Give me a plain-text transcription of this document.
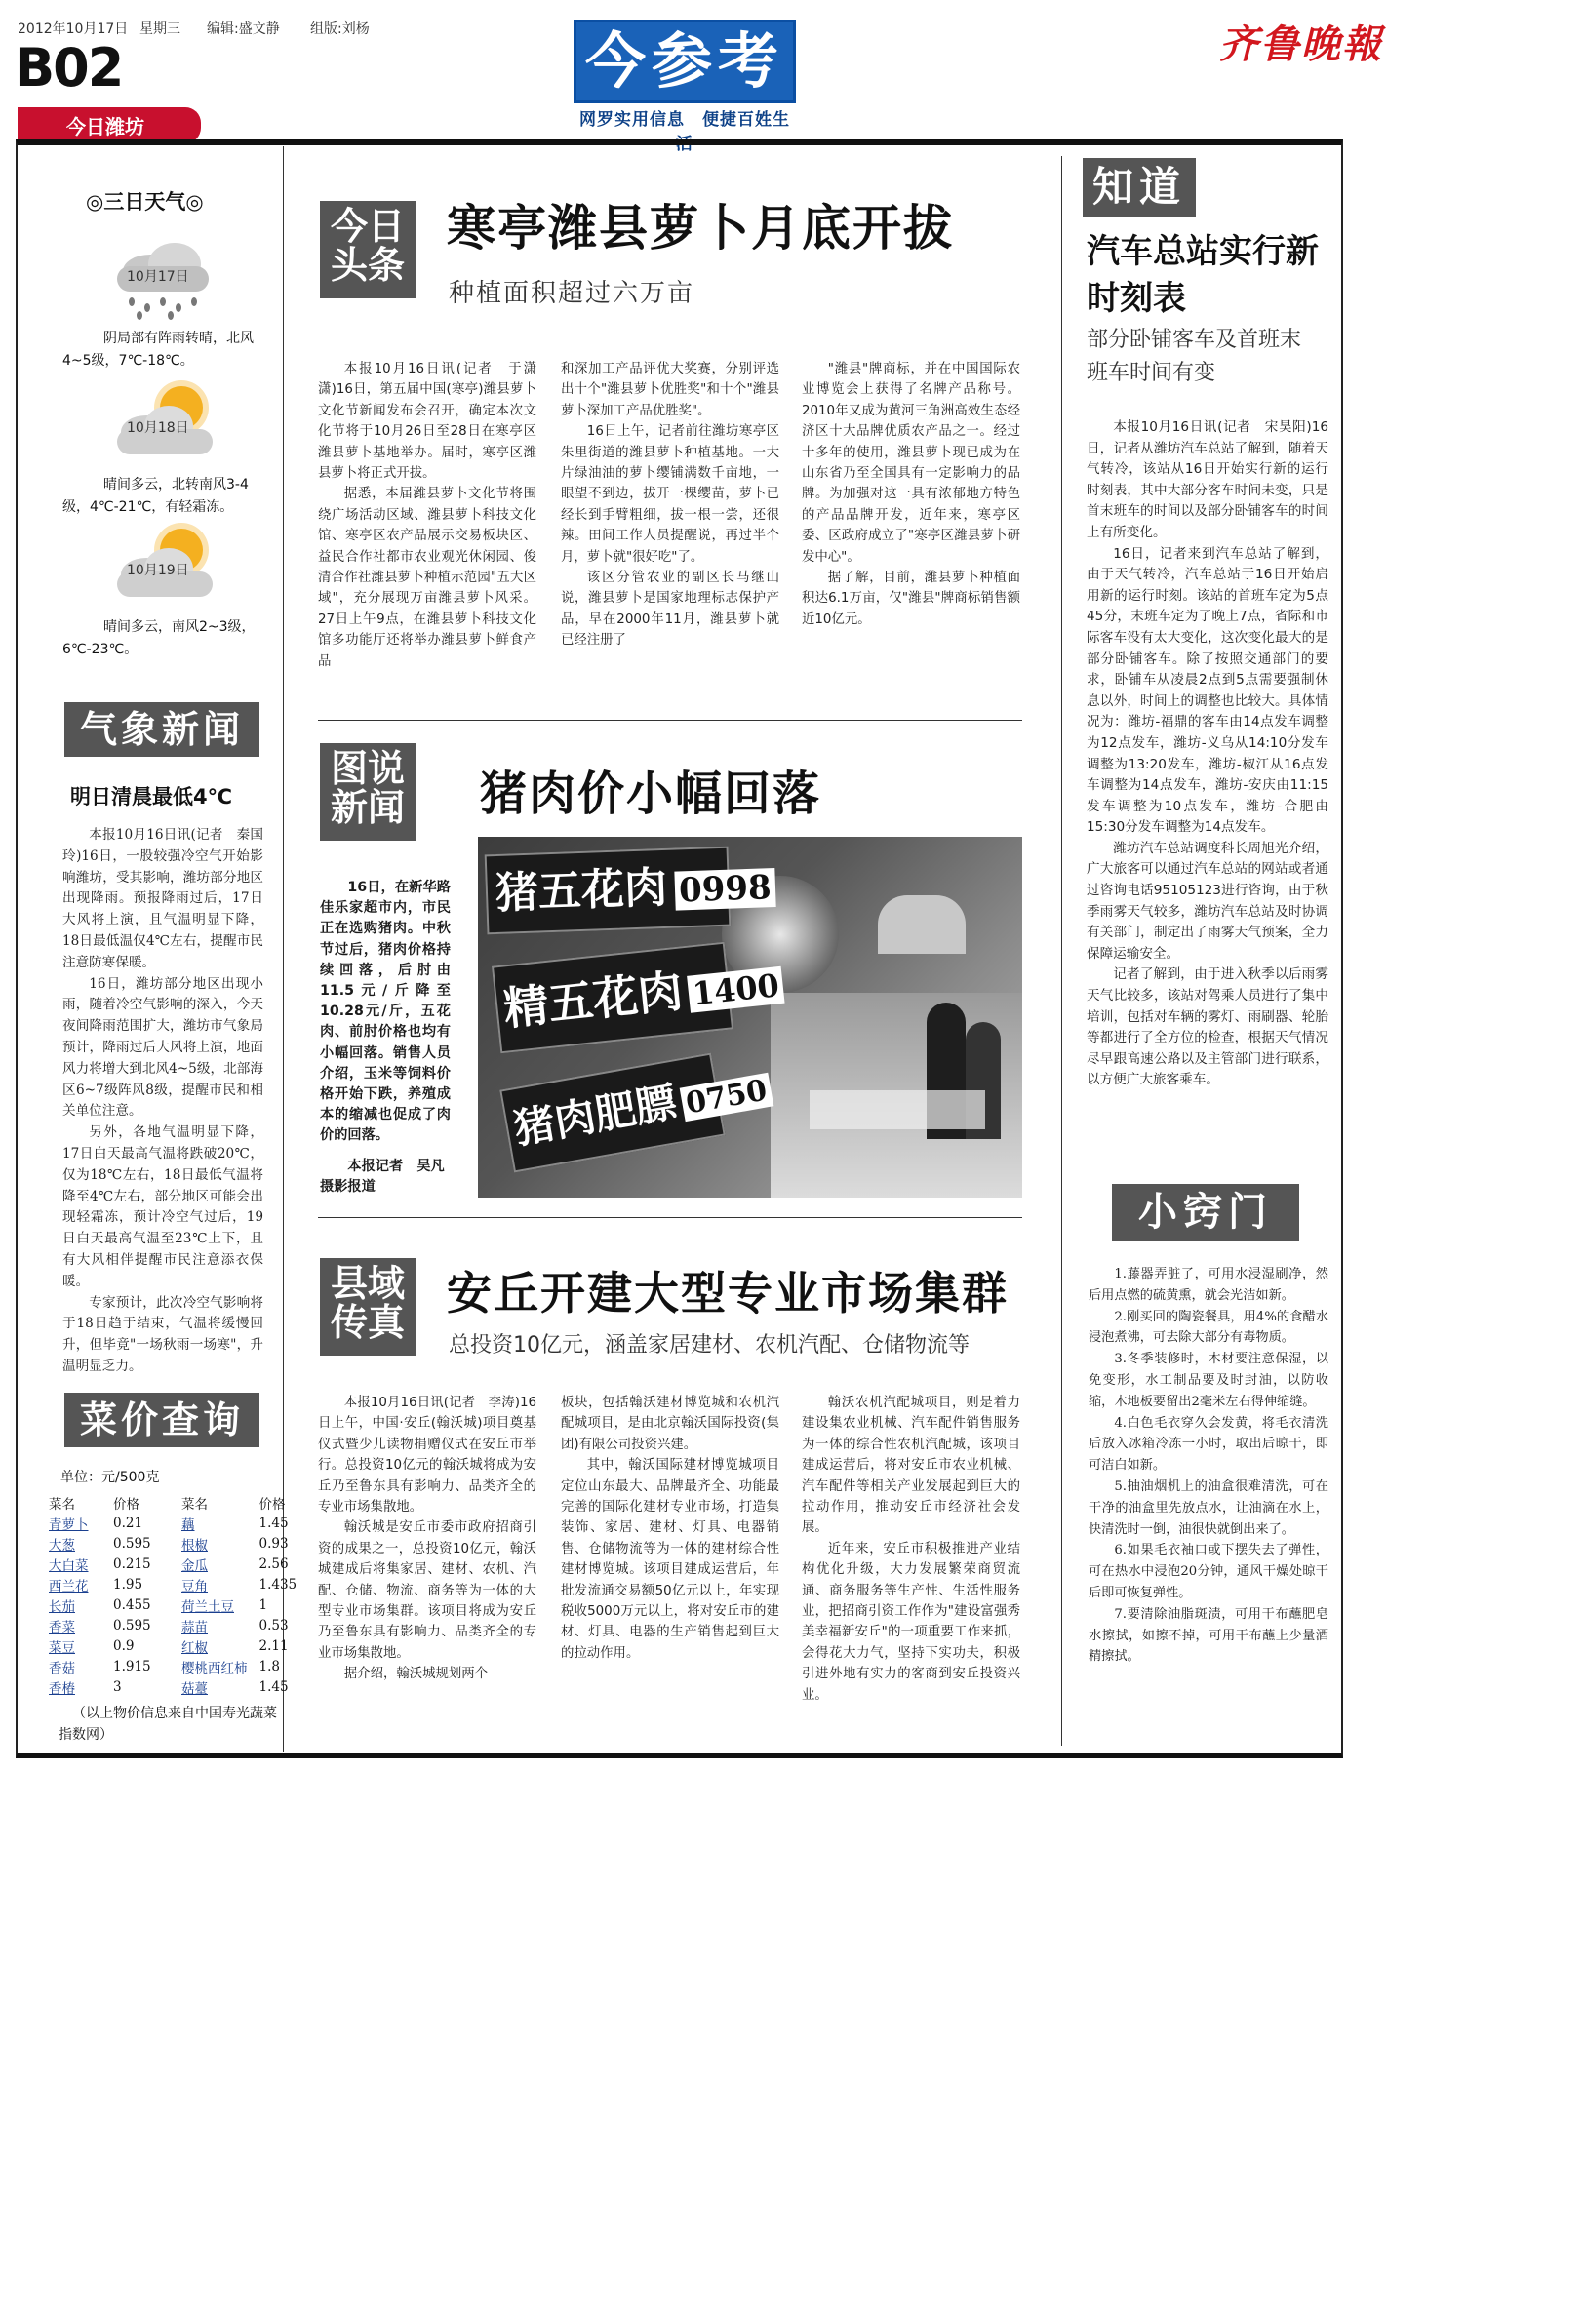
2012年10月17日 星期三 编辑:盛文静 组版:刘杨
B02
今日潍坊
今参考
网罗实用信息　便捷百姓生活
齐鲁晚報
◎三日天气◎
10月17日
阴局部有阵雨转晴，北风4~5级，7℃-18℃。
10月18日
晴间多云，北转南风3-4级，4℃-21℃，有轻霜冻。
10月19日
晴间多云，南风2~3级，6℃-23℃。
气象新闻
明日清晨最低4℃

本报10月16日讯(记者　秦国玲)16日，一股较强冷空气开始影响潍坊，受其影响，潍坊部分地区出现降雨。预报降雨过后，17日大风将上演，且气温明显下降，18日最低温仅4℃左右，提醒市民注意防寒保暖。

16日，潍坊部分地区出现小雨，随着冷空气影响的深入，今天夜间降雨范围扩大，潍坊市气象局预计，降雨过后大风将上演，地面风力将增大到北风4~5级，北部海区6~7级阵风8级，提醒市民和相关单位注意。

另外，各地气温明显下降，17日白天最高气温将跌破20℃，仅为18℃左右，18日最低气温将降至4℃左右，部分地区可能会出现轻霜冻，预计冷空气过后，19日白天最高气温至23℃上下，且有大风相伴提醒市民注意添衣保暖。

专家预计，此次冷空气影响将于18日趋于结束，气温将缓慢回升，但毕竟"一场秋雨一场寒"，升温明显乏力。

菜价查询
单位：元/500克
菜名	价格	菜名	价格
青萝卜	0.21	藕	1.45
大葱	0.595	根椒	0.93
大白菜	0.215	金瓜	2.56
西兰花	1.95	豆角	1.435
长茄	0.455	荷兰土豆	1
香菜	0.595	蒜苗	0.53
菜豆	0.9	红椒	2.11
香菇	1.915	樱桃西红柿	1.8
香椿	3	菇薹	1.45
（以上物价信息来自中国寿光蔬菜指数网）
今日头条
寒亭潍县萝卜月底开拔
种植面积超过六万亩

本报10月16日讯(记者　于潇潇)16日，第五届中国(寒亭)潍县萝卜文化节新闻发布会召开，确定本次文化节将于10月26日至28日在寒亭区潍县萝卜基地举办。届时，寒亭区潍县萝卜将正式开拔。

据悉，本届潍县萝卜文化节将围绕广场活动区域、潍县萝卜科技文化馆、寒亭区农产品展示交易板块区、益民合作社都市农业观光休闲园、俊清合作社潍县萝卜种植示范园"五大区域"，充分展现万亩潍县萝卜风采。27日上午9点，在潍县萝卜科技文化馆多功能厅还将举办潍县萝卜鲜食产品

和深加工产品评优大奖赛，分别评选出十个"潍县萝卜优胜奖"和十个"潍县萝卜深加工产品优胜奖"。

16日上午，记者前往潍坊寒亭区朱里街道的潍县萝卜种植基地。一大片绿油油的萝卜缨铺满数千亩地，一眼望不到边，拔开一棵缨苗，萝卜已经长到手臂粗细，拔一根一尝，还很辣。田间工作人员提醒说，再过半个月，萝卜就"很好吃"了。

该区分管农业的副区长马继山说，潍县萝卜是国家地理标志保护产品，早在2000年11月，潍县萝卜就已经注册了

"潍县"牌商标，并在中国国际农业博览会上获得了名牌产品称号。2010年又成为黄河三角洲高效生态经济区十大品牌优质农产品之一。经过十多年的使用，潍县萝卜现已成为在山东省乃至全国具有一定影响力的品牌。为加强对这一具有浓郁地方特色的产品品牌开发，近年来，寒亭区委、区政府成立了"寒亭区潍县萝卜研发中心"。

据了解，目前，潍县萝卜种植面积达6.1万亩，仅"潍县"牌商标销售额近10亿元。

图说新闻 猪肉价小幅回落
16日，在新华路佳乐家超市内，市民正在选购猪肉。中秋节过后，猪肉价格持续回落，后肘由11.5元/斤降至10.28元/斤，五花肉、前肘价格也均有小幅回落。销售人员介绍，玉米等饲料价格开始下跌，养殖成本的缩减也促成了肉价的回落。
本报记者　吴凡　摄影报道
猪五花肉 0998
精五花肉 1400
猪肉肥膘 0750
县域传真
安丘开建大型专业市场集群
总投资10亿元，涵盖家居建材、农机汽配、仓储物流等

本报10月16日讯(记者　李涛)16日上午，中国·安丘(翰沃城)项目奠基仪式暨少儿读物捐赠仪式在安丘市举行。总投资10亿元的翰沃城将成为安丘乃至鲁东具有影响力、品类齐全的专业市场集散地。

翰沃城是安丘市委市政府招商引资的成果之一，总投资10亿元，翰沃城建成后将集家居、建材、农机、汽配、仓储、物流、商务等为一体的大型专业市场集群。该项目将成为安丘乃至鲁东具有影响力、品类齐全的专业市场集散地。

据介绍，翰沃城规划两个

板块，包括翰沃建材博览城和农机汽配城项目，是由北京翰沃国际投资(集团)有限公司投资兴建。

其中，翰沃国际建材博览城项目定位山东最大、品牌最齐全、功能最完善的国际化建材专业市场，打造集装饰、家居、建材、灯具、电器销售、仓储物流等为一体的建材综合性建材博览城。该项目建成运营后，年批发流通交易额50亿元以上，年实现税收5000万元以上，将对安丘市的建材、灯具、电器的生产销售起到巨大的拉动作用。

翰沃农机汽配城项目，则是着力建设集农业机械、汽车配件销售服务为一体的综合性农机汽配城，该项目建成运营后，将对安丘市农业机械、汽车配件等相关产业发展起到巨大的拉动作用，推动安丘市经济社会发展。

近年来，安丘市积极推进产业结构优化升级，大力发展繁荣商贸流通、商务服务等生产性、生活性服务业，把招商引资工作作为"建设富强秀美幸福新安丘"的一项重要工作来抓，会得花大力气，坚持下实功夫，积极引进外地有实力的客商到安丘投资兴业。

知道
汽车总站实行新时刻表
部分卧铺客车及首班末班车时间有变

本报10月16日讯(记者　宋昊阳)16日，记者从潍坊汽车总站了解到，随着天气转冷，该站从16日开始实行新的运行时刻表，其中大部分客车时间未变，只是首末班车的时间以及部分卧铺客车的时间上有所变化。

16日，记者来到汽车总站了解到，由于天气转冷，汽车总站于16日开始启用新的运行时刻。该站的首班车定为5点45分，末班车定为了晚上7点，省际和市际客车没有太大变化，这次变化最大的是部分卧铺客车。除了按照交通部门的要求，卧铺车从凌晨2点到5点需要强制休息以外，时间上的调整也比较大。具体情况为：潍坊-福鼎的客车由14点发车调整为12点发车，潍坊-义乌从14:10分发车调整为13:20发车，潍坊-椒江从16点发车调整为14点发车，潍坊-安庆由11:15发车调整为10点发车，潍坊-合肥由15:30分发车调整为14点发车。

潍坊汽车总站调度科长周旭光介绍，广大旅客可以通过汽车总站的网站或者通过咨询电话95105123进行咨询，由于秋季雨雾天气较多，潍坊汽车总站及时协调有关部门，制定出了雨雾天气预案，全力保障运输安全。

记者了解到，由于进入秋季以后雨雾天气比较多，该站对驾乘人员进行了集中培训，包括对车辆的雾灯、雨刷器、轮胎等都进行了全方位的检查，根据天气情况尽早跟高速公路以及主管部门进行联系，以方便广大旅客乘车。

小窍门

1.藤器弄脏了，可用水浸湿刷净，然后用点燃的硫黄熏，就会光洁如新。

2.刚买回的陶瓷餐具，用4%的食醋水浸泡煮沸，可去除大部分有毒物质。

3.冬季装修时，木材要注意保湿，以免变形，水工制品要及时封油，以防收缩，木地板要留出2毫米左右得伸缩缝。

4.白色毛衣穿久会发黄，将毛衣清洗后放入冰箱冷冻一小时，取出后晾干，即可洁白如新。

5.抽油烟机上的油盒很难清洗，可在干净的油盒里先放点水，让油滴在水上，快清洗时一倒，油很快就倒出来了。

6.如果毛衣袖口或下摆失去了弹性，可在热水中浸泡20分钟，通风干燥处晾干后即可恢复弹性。

7.要清除油脂斑渍，可用干布蘸肥皂水擦拭，如擦不掉，可用干布蘸上少量酒精擦拭。
